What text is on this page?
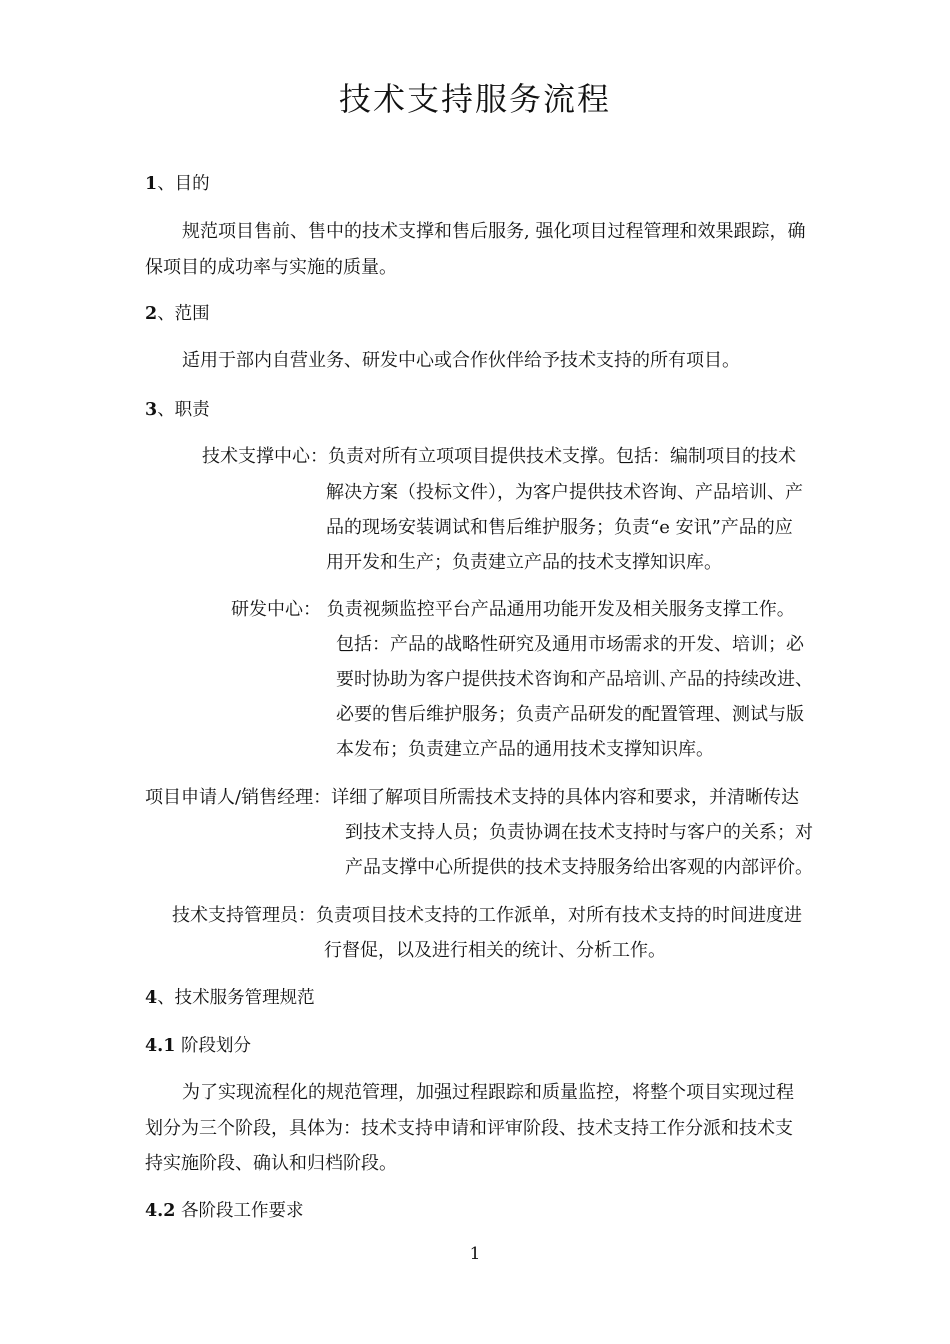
技术支持服务流程
1、目的
规范项目售前、售中的技术支撑和售后服务, 强化项目过程管理和效果跟踪，确
保项目的成功率与实施的质量。
2、范围
适用于部内自营业务、研发中心或合作伙伴给予技术支持的所有项目。
3、职责
技术支撑中心：负责对所有立项项目提供技术支撑。包括：编制项目的技术
解决方案（投标文件），为客户提供技术咨询、产品培训、产
品的现场安装调试和售后维护服务；负责“e 安讯”产品的应
用开发和生产；负责建立产品的技术支撑知识库。
研发中心： 负责视频监控平台产品通用功能开发及相关服务支撑工作。
包括：产品的战略性研究及通用市场需求的开发、培训；必
要时协助为客户提供技术咨询和产品培训､产品的持续改进、
必要的售后维护服务；负责产品研发的配置管理、测试与版
本发布；负责建立产品的通用技术支撑知识库。
项目申请人/销售经理：详细了解项目所需技术支持的具体内容和要求，并清晰传达
到技术支持人员；负责协调在技术支持时与客户的关系；对
产品支撑中心所提供的技术支持服务给出客观的内部评价。
技术支持管理员：负责项目技术支持的工作派单，对所有技术支持的时间进度进
行督促，以及进行相关的统计、分析工作。
4、技术服务管理规范
4.1 阶段划分
为了实现流程化的规范管理，加强过程跟踪和质量监控，将整个项目实现过程
划分为三个阶段，具体为：技术支持申请和评审阶段、技术支持工作分派和技术支
持实施阶段、确认和归档阶段。
4.2 各阶段工作要求
1
